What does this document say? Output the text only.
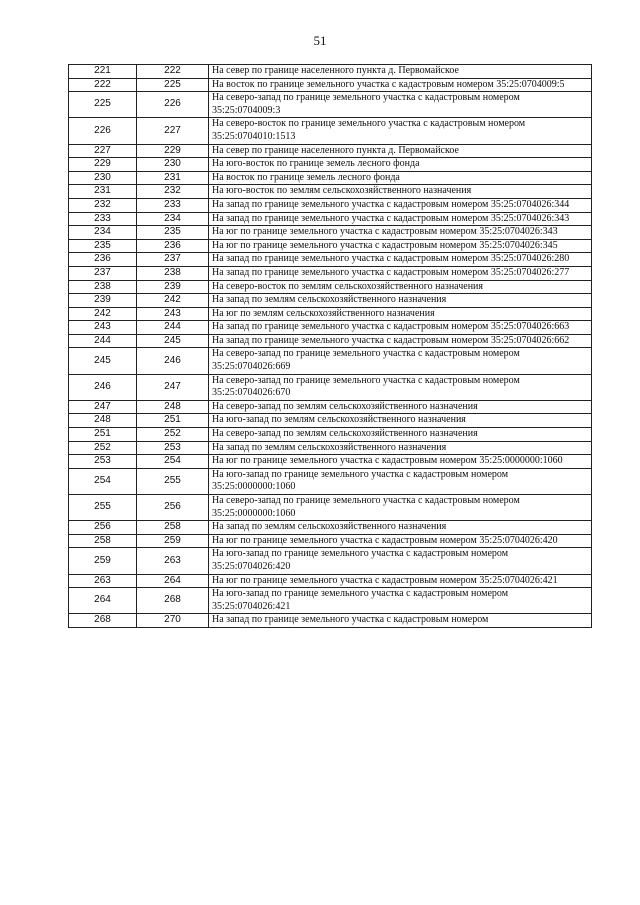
51
221	222	На север по границе населенного пункта д. Первомайское
222	225	На восток по границе земельного участка с кадастровым номером 35:25:0704009:5
225	226	На северо-запад по границе земельного участка с кадастровым номером 35:25:0704009:3
226	227	На северо-восток по границе земельного участка с кадастровым номером 35:25:0704010:1513
227	229	На север по границе населенного пункта д. Первомайское
229	230	На юго-восток по границе земель лесного фонда
230	231	На восток по границе земель лесного фонда
231	232	На юго-восток по землям сельскохозяйственного назначения
232	233	На запад по границе земельного участка с кадастровым номером 35:25:0704026:344
233	234	На запад по границе земельного участка с кадастровым номером 35:25:0704026:343
234	235	На юг по границе земельного участка с кадастровым номером 35:25:0704026:343
235	236	На юг по границе земельного участка с кадастровым номером 35:25:0704026:345
236	237	На запад по границе земельного участка с кадастровым номером 35:25:0704026:280
237	238	На запад по границе земельного участка с кадастровым номером 35:25:0704026:277
238	239	На северо-восток по землям сельскохозяйственного назначения
239	242	На запад по землям сельскохозяйственного назначения
242	243	На юг по землям сельскохозяйственного назначения
243	244	На запад по границе земельного участка с кадастровым номером 35:25:0704026:663
244	245	На запад по границе земельного участка с кадастровым номером 35:25:0704026:662
245	246	На северо-запад по границе земельного участка с кадастровым номером 35:25:0704026:669
246	247	На северо-запад по границе земельного участка с кадастровым номером 35:25:0704026:670
247	248	На северо-запад по землям сельскохозяйственного назначения
248	251	На юго-запад по землям сельскохозяйственного назначения
251	252	На северо-запад по землям сельскохозяйственного назначения
252	253	На запад по землям сельскохозяйственного назначения
253	254	На юг по границе земельного участка с кадастровым номером 35:25:0000000:1060
254	255	На юго-запад по границе земельного участка с кадастровым номером 35:25:0000000:1060
255	256	На северо-запад по границе земельного участка с кадастровым номером 35:25:0000000:1060
256	258	На запад по землям сельскохозяйственного назначения
258	259	На юг по границе земельного участка с кадастровым номером 35:25:0704026:420
259	263	На юго-запад по границе земельного участка с кадастровым номером 35:25:0704026:420
263	264	На юг по границе земельного участка с кадастровым номером 35:25:0704026:421
264	268	На юго-запад по границе земельного участка с кадастровым номером 35:25:0704026:421
268	270	На запад по границе земельного участка с кадастровым номером
